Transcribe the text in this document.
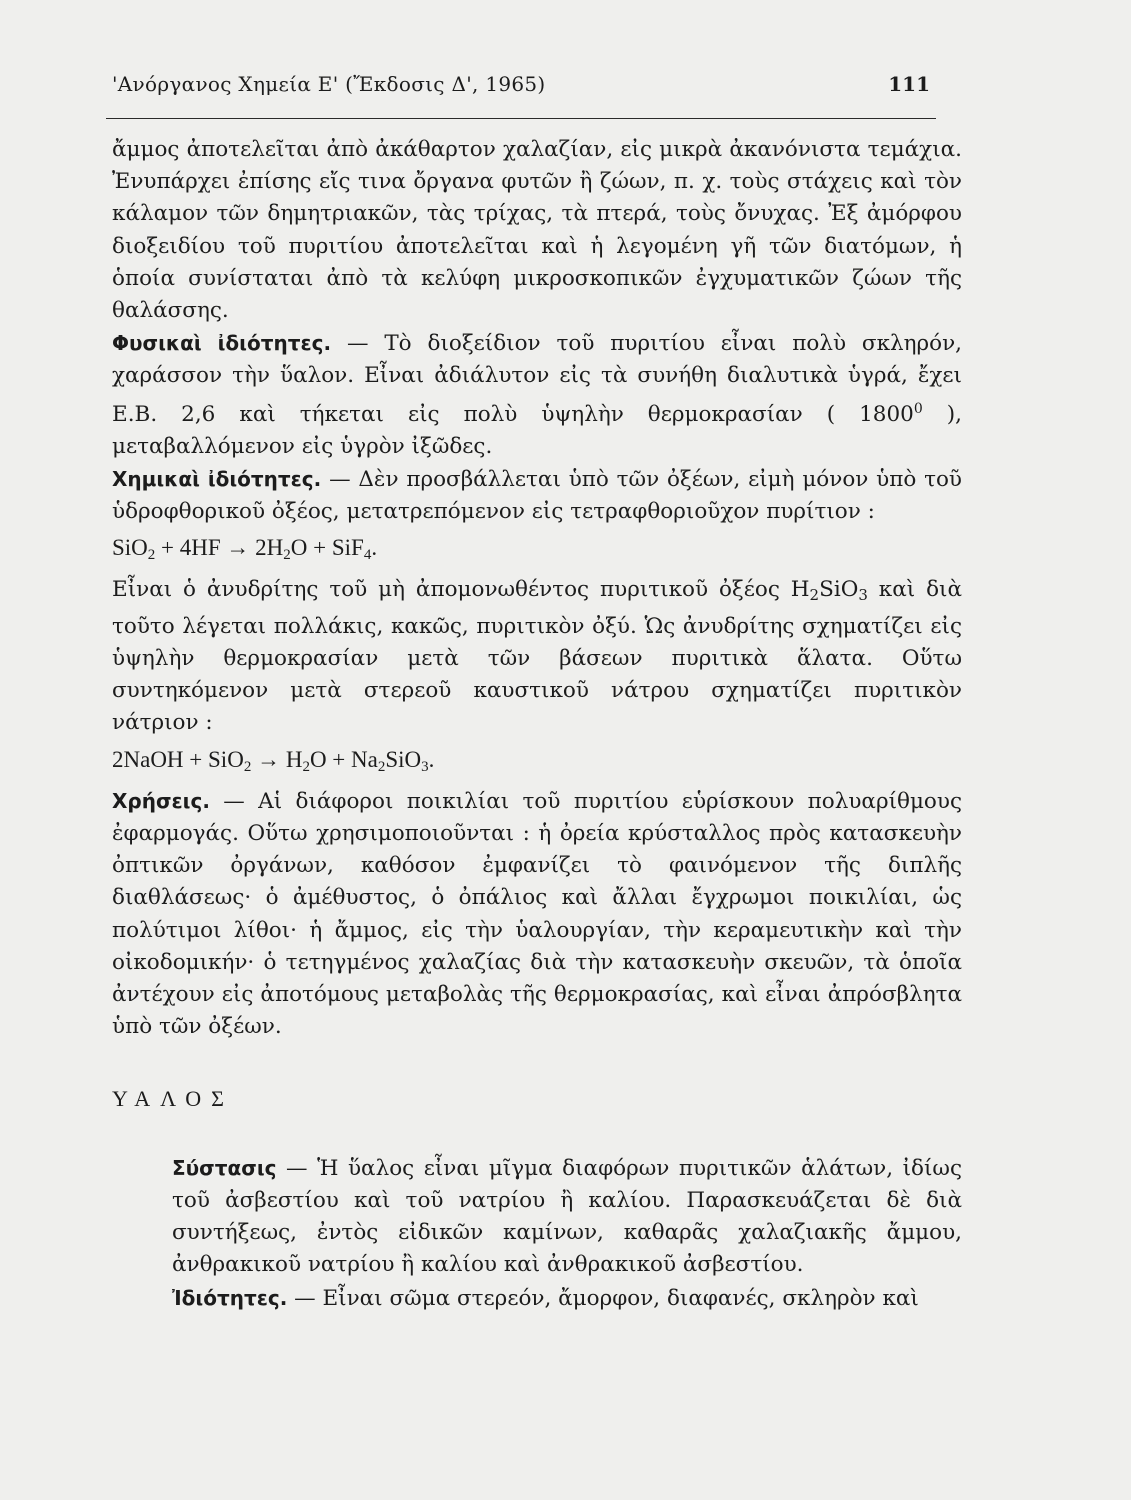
'Ανόργανος Χημεία Ε' (Ἔκδοσις Δ', 1965)	111

ἄμμος ἀποτελεῖται ἀπὸ ἀκάθαρτον χαλαζίαν, εἰς μικρὰ ἀκανόνιστα τεμάχια. Ἐνυπάρχει ἐπίσης εἴς τινα ὄργανα φυτῶν ἢ ζώων, π. χ. τοὺς στάχεις καὶ τὸν κάλαμον τῶν δημητριακῶν, τὰς τρίχας, τὰ πτερά, τοὺς ὄνυχας. Ἐξ ἀμόρφου διοξειδίου τοῦ πυριτίου ἀποτελεῖται καὶ ἡ λεγομένη γῆ τῶν διατόμων, ἡ ὁποία συνίσταται ἀπὸ τὰ κελύφη μικροσκοπικῶν ἐγχυματικῶν ζώων τῆς θαλάσσης.

Φυσικαὶ ἰδιότητες. — Τὸ διοξείδιον τοῦ πυριτίου εἶναι πολὺ σκληρόν, χαράσσον τὴν ὕαλον. Εἶναι ἀδιάλυτον εἰς τὰ συνήθη διαλυτικὰ ὑγρά, ἔχει Ε.Β. 2,6 καὶ τήκεται εἰς πολὺ ὑψηλὴν θερμοκρασίαν ( 1800$^0$ ), μεταβαλλόμενον εἰς ὑγρὸν ἰξῶδες.

Χημικαὶ ἰδιότητες. — Δὲν προσβάλλεται ὑπὸ τῶν ὀξέων, εἰμὴ μόνον ὑπὸ τοῦ ὑδροφθορικοῦ ὀξέος, μετατρεπόμενον εἰς τετραφθοριοῦχον πυρίτιον :

$SiO_2 + 4HF \to 2H_2O + SiF_4$.

Εἶναι ὁ ἀνυδρίτης τοῦ μὴ ἀπομονωθέντος πυριτικοῦ ὀξέος $H_2SiO_3$ καὶ διὰ τοῦτο λέγεται πολλάκις, κακῶς, πυριτικὸν ὀξύ. Ὡς ἀνυδρίτης σχηματίζει εἰς ὑψηλὴν θερμοκρασίαν μετὰ τῶν βάσεων πυριτικὰ ἅλατα. Οὕτω συντηκόμενον μετὰ στερεοῦ καυστικοῦ νάτρου σχηματίζει πυριτικὸν νάτριον :

2NaOH + $SiO_2 \to H_2O + Na_2SiO_3$.

Χρήσεις. — Αἱ διάφοροι ποικιλίαι τοῦ πυριτίου εὑρίσκουν πολυαρίθμους ἐφαρμογάς. Οὕτω χρησιμοποιοῦνται : ἡ ὀρεία κρύσταλλος πρὸς κατασκευὴν ὀπτικῶν ὀργάνων, καθόσον ἐμφανίζει τὸ φαινόμενον τῆς διπλῆς διαθλάσεως· ὁ ἀμέθυστος, ὁ ὀπάλιος καὶ ἄλλαι ἔγχρωμοι ποικιλίαι, ὡς πολύτιμοι λίθοι· ἡ ἄμμος, εἰς τὴν ὑαλουργίαν, τὴν κεραμευτικὴν καὶ τὴν οἰκοδομικήν· ὁ τετηγμένος χαλαζίας διὰ τὴν κατασκευὴν σκευῶν, τὰ ὁποῖα ἀντέχουν εἰς ἀποτόμους μεταβολὰς τῆς θερμοκρασίας, καὶ εἶναι ἀπρόσβλητα ὑπὸ τῶν ὀξέων.

ΥΑΛΟΣ

Σύστασις — Ἡ ὕαλος εἶναι μῖγμα διαφόρων πυριτικῶν ἁλάτων, ἰδίως τοῦ ἀσβεστίου καὶ τοῦ νατρίου ἢ καλίου. Παρασκευάζεται δὲ διὰ συντήξεως, ἐντὸς εἰδικῶν καμίνων, καθαρᾶς χαλαζιακῆς ἄμμου, ἀνθρακικοῦ νατρίου ἢ καλίου καὶ ἀνθρακικοῦ ἀσβεστίου.

Ἰδιότητες. — Εἶναι σῶμα στερεόν, ἄμορφον, διαφανές, σκληρὸν καὶ
